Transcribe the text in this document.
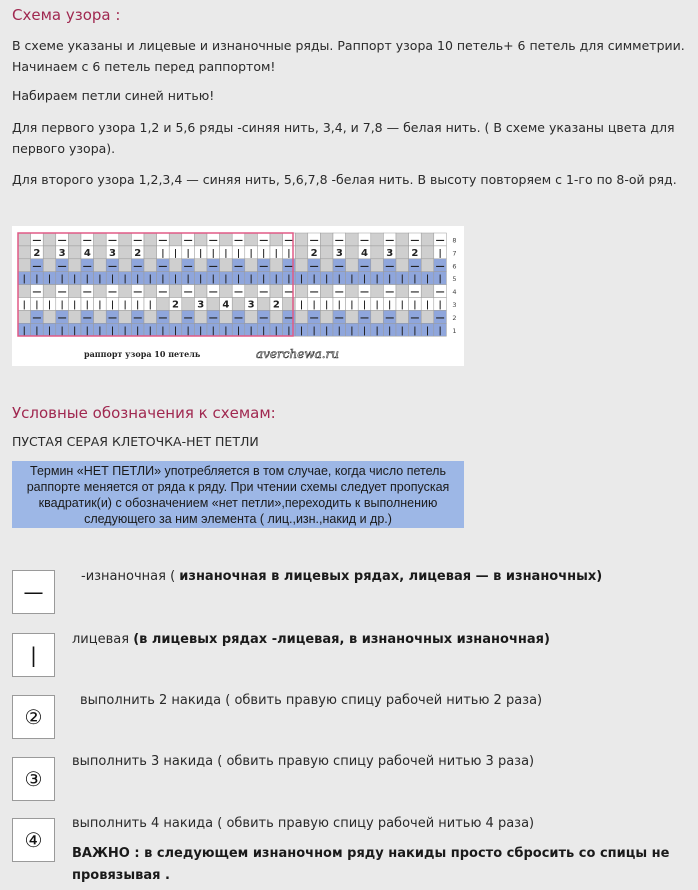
Схема узора :
В схеме указаны и лицевые и изнаночные ряды. Раппорт узора 10 петель+ 6 петель для симметрии. Начинаем с 6 петель перед раппортом!
Набираем петли синей нитью!
Для первого узора 1,2 и 5,6 ряды -синяя нить, 3,4, и 7,8 — белая нить. ( В схеме указаны цвета для первого узора).
Для второго узора 1,2,3,4 — синяя нить, 5,6,7,8 -белая нить. В высоту повторяем с 1-го по 8-ой ряд.
— — — — — — — — — — — — — — — — —
2 3 4 3 2 | | | | | | | | | | | 2 3 4 3 2 |
— — — — — — — — — — — — — — — — —
| | | | | | | | | | | | | | | | | | | | | | | | | | | | | | | | | |
— — — — — — — — — — — — — — — — —
| | | | | | | | | | | 2 3 4 3 2 | | | | | | | | | | | |
— — — — — — — — — — — — — — — — —
| | | | | | | | | | | | | | | | | | | | | | | | | | | | | | | | | |
8
7
6
5
4
3
2
1
раппорт узора 10 петель	averchewa.ru
Условные обозначения к схемам:
ПУСТАЯ СЕРАЯ КЛЕТОЧКА-НЕТ ПЕТЛИ
Термин «НЕТ ПЕТЛИ» употребляется в том случае, когда число петель раппорте меняется от ряда к ряду. При чтении схемы следует пропуская квадратик(и) с обозначением «нет петли»,переходить к выполнению следующего за ним элемента ( лиц.,изн.,накид и др.)
—
-изнаночная ( изнаночная в лицевых рядах, лицевая — в изнаночных)
|
лицевая (в лицевых рядах -лицевая, в изнаночных изнаночная)
②
выполнить 2 накида ( обвить правую спицу рабочей нитью 2 раза)
③
выполнить 3 накида ( обвить правую спицу рабочей нитью 3 раза)
④
выполнить 4 накида ( обвить правую спицу рабочей нитью 4 раза)
ВАЖНО : в следующем изнаночном ряду накиды просто сбросить со спицы не провязывая .
